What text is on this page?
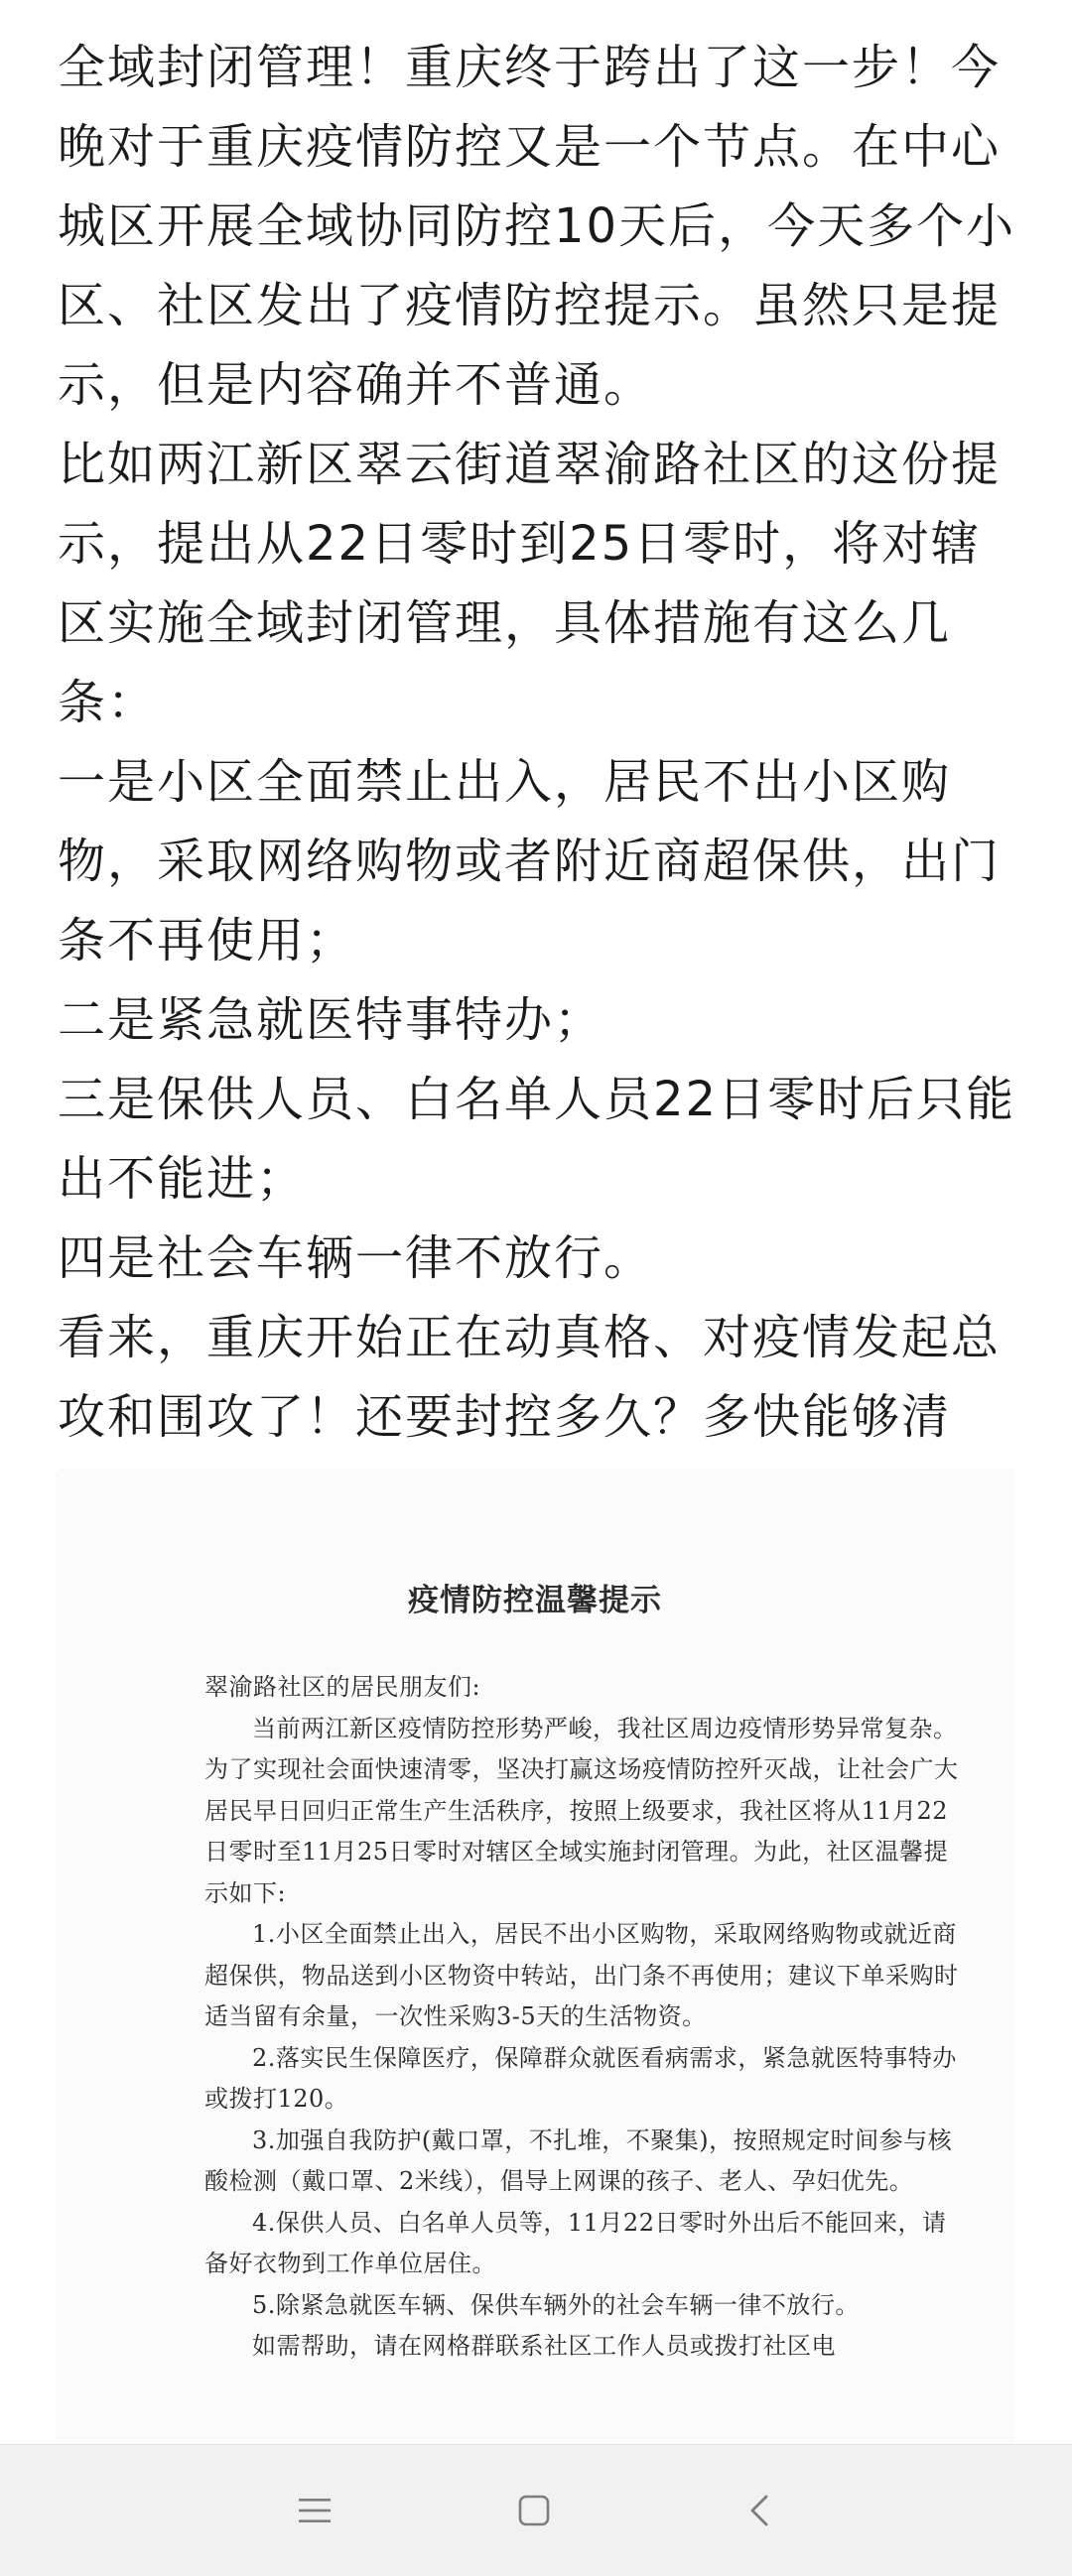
全域封闭管理！重庆终于跨出了这一步！今晚对于重庆疫情防控又是一个节点。在中心城区开展全域协同防控10天后，今天多个小区、社区发出了疫情防控提示。虽然只是提示，但是内容确并不普通。

比如两江新区翠云街道翠渝路社区的这份提示，提出从22日零时到25日零时，将对辖区实施全域封闭管理，具体措施有这么几条：

一是小区全面禁止出入，居民不出小区购物，采取网络购物或者附近商超保供，出门条不再使用；

二是紧急就医特事特办；

三是保供人员、白名单人员22日零时后只能出不能进；

四是社会车辆一律不放行。

看来，重庆开始正在动真格、对疫情发起总攻和围攻了！还要封控多久？多快能够清

疫情防控温馨提示

翠渝路社区的居民朋友们:

当前两江新区疫情防控形势严峻，我社区周边疫情形势异常复杂。为了实现社会面快速清零，坚决打赢这场疫情防控歼灭战，让社会广大居民早日回归正常生产生活秩序，按照上级要求，我社区将从11月22日零时至11月25日零时对辖区全域实施封闭管理。为此，社区温馨提示如下:

1.小区全面禁止出入，居民不出小区购物，采取网络购物或就近商超保供，物品送到小区物资中转站，出门条不再使用；建议下单采购时适当留有余量，一次性采购3-5天的生活物资。

2.落实民生保障医疗，保障群众就医看病需求，紧急就医特事特办或拨打120。

3.加强自我防护(戴口罩，不扎堆，不聚集)，按照规定时间参与核酸检测（戴口罩、2米线），倡导上网课的孩子、老人、孕妇优先。

4.保供人员、白名单人员等，11月22日零时外出后不能回来，请备好衣物到工作单位居住。

5.除紧急就医车辆、保供车辆外的社会车辆一律不放行。

如需帮助，请在网格群联系社区工作人员或拨打社区电
